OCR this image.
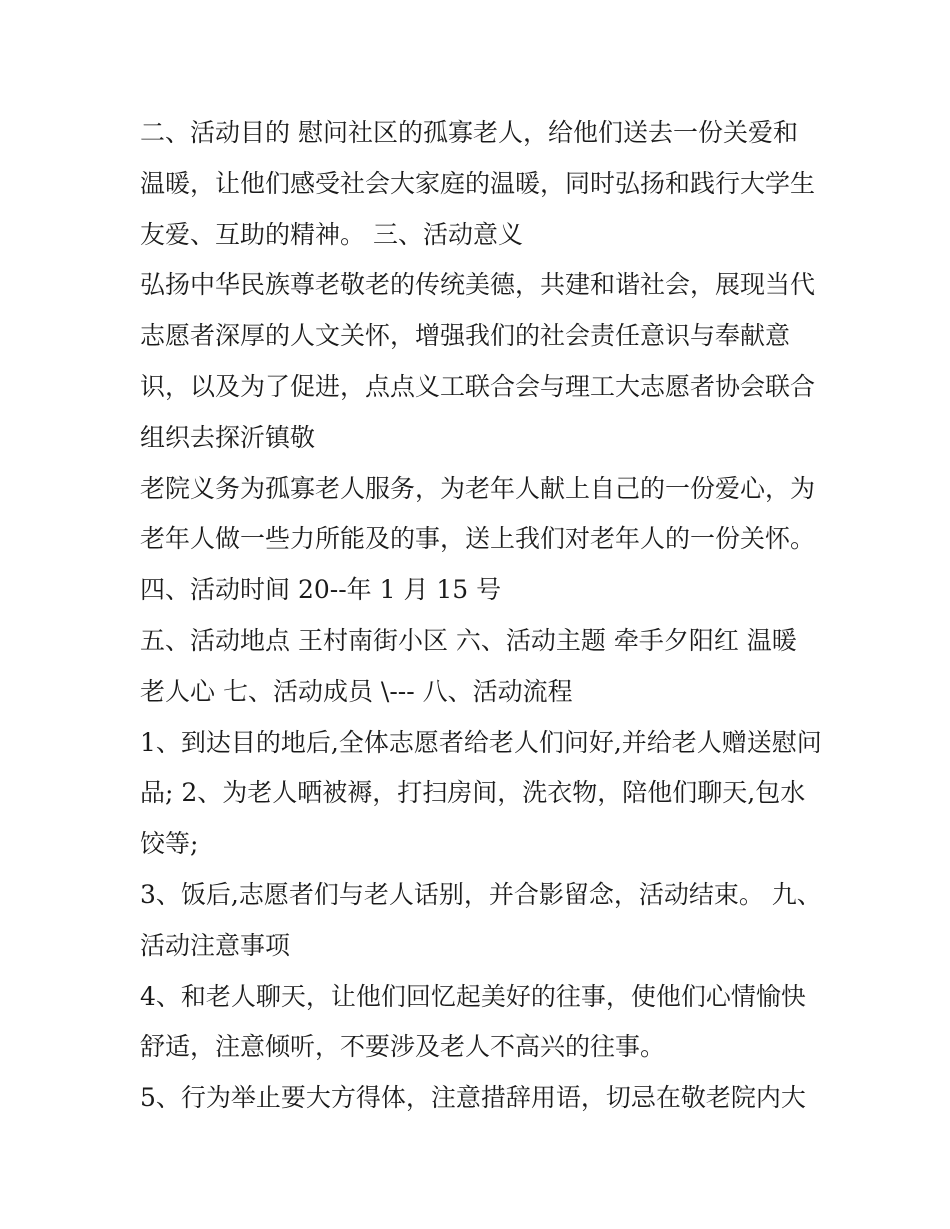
二、活动目的 慰问社区的孤寡老人，给他们送去一份关爱和
温暖，让他们感受社会大家庭的温暖，同时弘扬和践行大学生
友爱、互助的精神。 三、活动意义
弘扬中华民族尊老敬老的传统美德，共建和谐社会，展现当代
志愿者深厚的人文关怀，增强我们的社会责任意识与奉献意
识，以及为了促进，点点义工联合会与理工大志愿者协会联合
组织去探沂镇敬
老院义务为孤寡老人服务，为老年人献上自己的一份爱心，为
老年人做一些力所能及的事，送上我们对老年人的一份关怀。
四、活动时间 20--年 1 月 15 号
五、活动地点 王村南街小区 六、活动主题 牵手夕阳红 温暖
老人心 七、活动成员 \--- 八、活动流程
1、到达目的地后,全体志愿者给老人们问好,并给老人赠送慰问
品; 2、为老人晒被褥，打扫房间，洗衣物，陪他们聊天,包水
饺等;
3、饭后,志愿者们与老人话别，并合影留念，活动结束。 九、
活动注意事项
4、和老人聊天，让他们回忆起美好的往事，使他们心情愉快
舒适，注意倾听，不要涉及老人不高兴的往事。
5、行为举止要大方得体，注意措辞用语，切忌在敬老院内大
